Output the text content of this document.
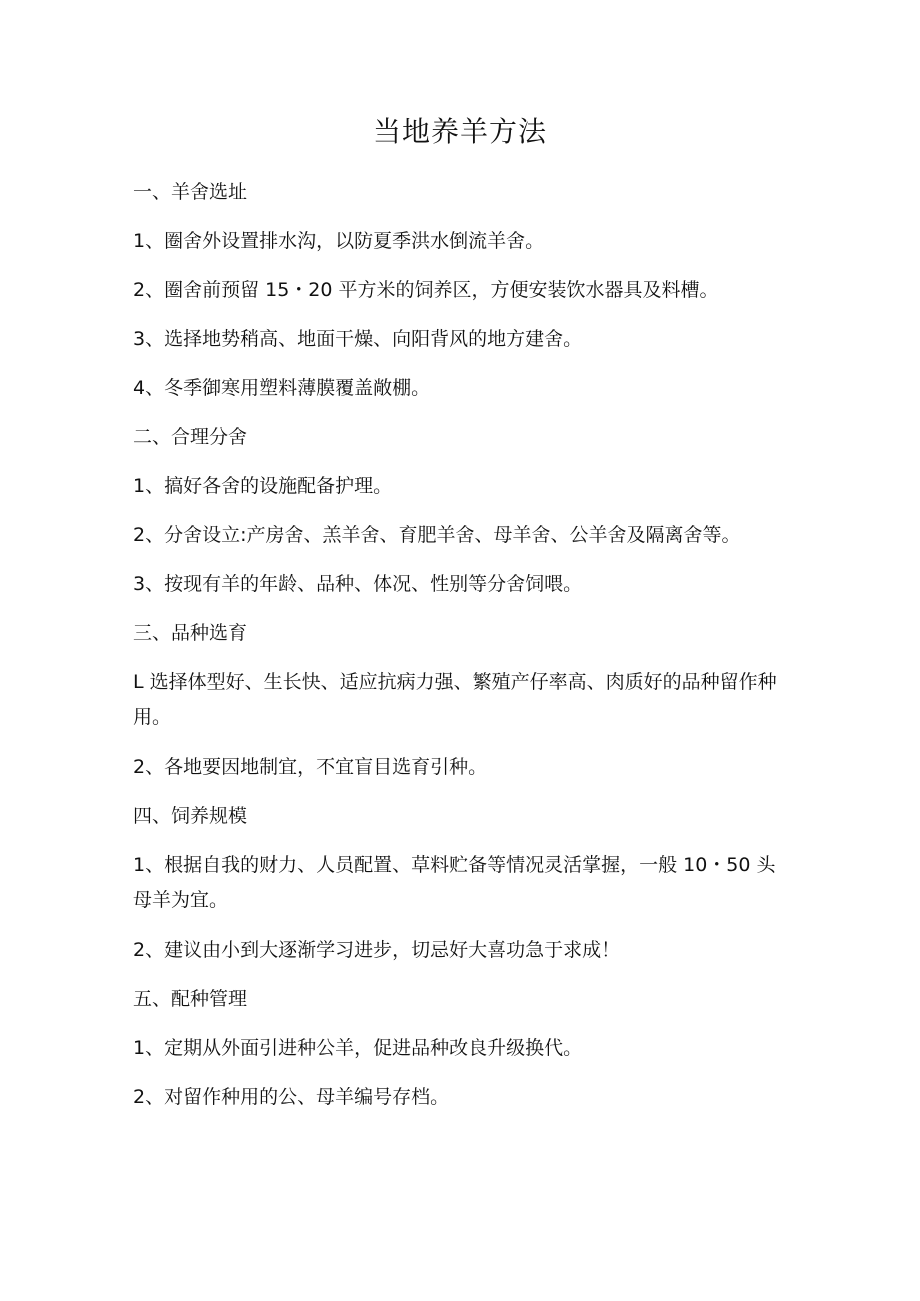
当地养羊方法
一、羊舍选址
1、圈舍外设置排水沟，以防夏季洪水倒流羊舍。
2、圈舍前预留 15・20 平方米的饲养区，方便安装饮水器具及料槽。
3、选择地势稍高、地面干燥、向阳背风的地方建舍。
4、冬季御寒用塑料薄膜覆盖敞棚。
二、合理分舍
1、搞好各舍的设施配备护理。
2、分舍设立:产房舍、羔羊舍、育肥羊舍、母羊舍、公羊舍及隔离舍等。
3、按现有羊的年龄、品种、体况、性别等分舍饲喂。
三、品种选育
L 选择体型好、生长快、适应抗病力强、繁殖产仔率高、肉质好的品种留作种用。
2、各地要因地制宜，不宜盲目选育引种。
四、饲养规模
1、根据自我的财力、人员配置、草料贮备等情况灵活掌握，一般 10・50 头母羊为宜。
2、建议由小到大逐渐学习进步，切忌好大喜功急于求成！
五、配种管理
1、定期从外面引进种公羊，促进品种改良升级换代。
2、对留作种用的公、母羊编号存档。
